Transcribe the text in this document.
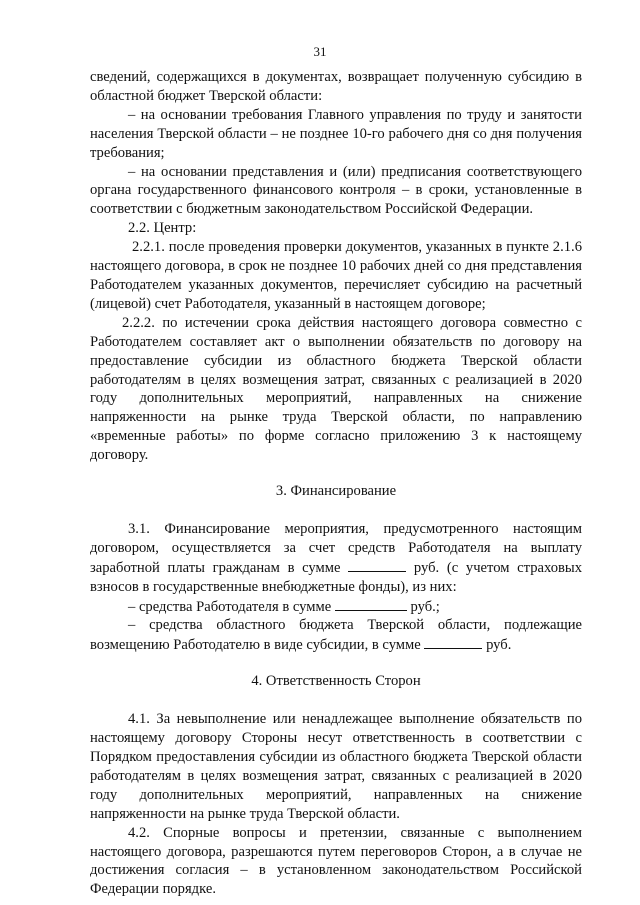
31

сведений, содержащихся в документах, возвращает полученную субсидию в областной бюджет Тверской области:

– на основании требования Главного управления по труду и занятости населения Тверской области – не позднее 10-го рабочего дня со дня получения требования;

– на основании представления и (или) предписания соответствующего органа государственного финансового контроля – в сроки, установленные в соответствии с бюджетным законодательством Российской Федерации.

2.2. Центр:

2.2.1. после проведения проверки документов, указанных в пункте 2.1.6 настоящего договора, в срок не позднее 10 рабочих дней со дня представления Работодателем указанных документов, перечисляет субсидию на расчетный (лицевой) счет Работодателя, указанный в настоящем договоре;

2.2.2. по истечении срока действия настоящего договора совместно с Работодателем составляет акт о выполнении обязательств по договору на предоставление субсидии из областного бюджета Тверской области работодателям в целях возмещения затрат, связанных с реализацией в 2020 году дополнительных мероприятий, направленных на снижение напряженности на рынке труда Тверской области, по направлению «временные работы» по форме согласно приложению 3 к настоящему договору.

3. Финансирование

3.1. Финансирование мероприятия, предусмотренного настоящим договором, осуществляется за счет средств Работодателя на выплату заработной платы гражданам в сумме	руб. (с учетом страховых взносов в государственные внебюджетные фонды), из них:

– средства Работодателя в сумме	руб.;

– средства областного бюджета Тверской области, подлежащие возмещению Работодателю в виде субсидии, в сумме	руб.

4. Ответственность Сторон

4.1. За невыполнение или ненадлежащее выполнение обязательств по настоящему договору Стороны несут ответственность в соответствии с Порядком предоставления субсидии из областного бюджета Тверской области работодателям в целях возмещения затрат, связанных с реализацией в 2020 году дополнительных мероприятий, направленных на снижение напряженности на рынке труда Тверской области.

4.2. Спорные вопросы и претензии, связанные с выполнением настоящего договора, разрешаются путем переговоров Сторон, а в случае не достижения согласия – в установленном законодательством Российской Федерации порядке.
